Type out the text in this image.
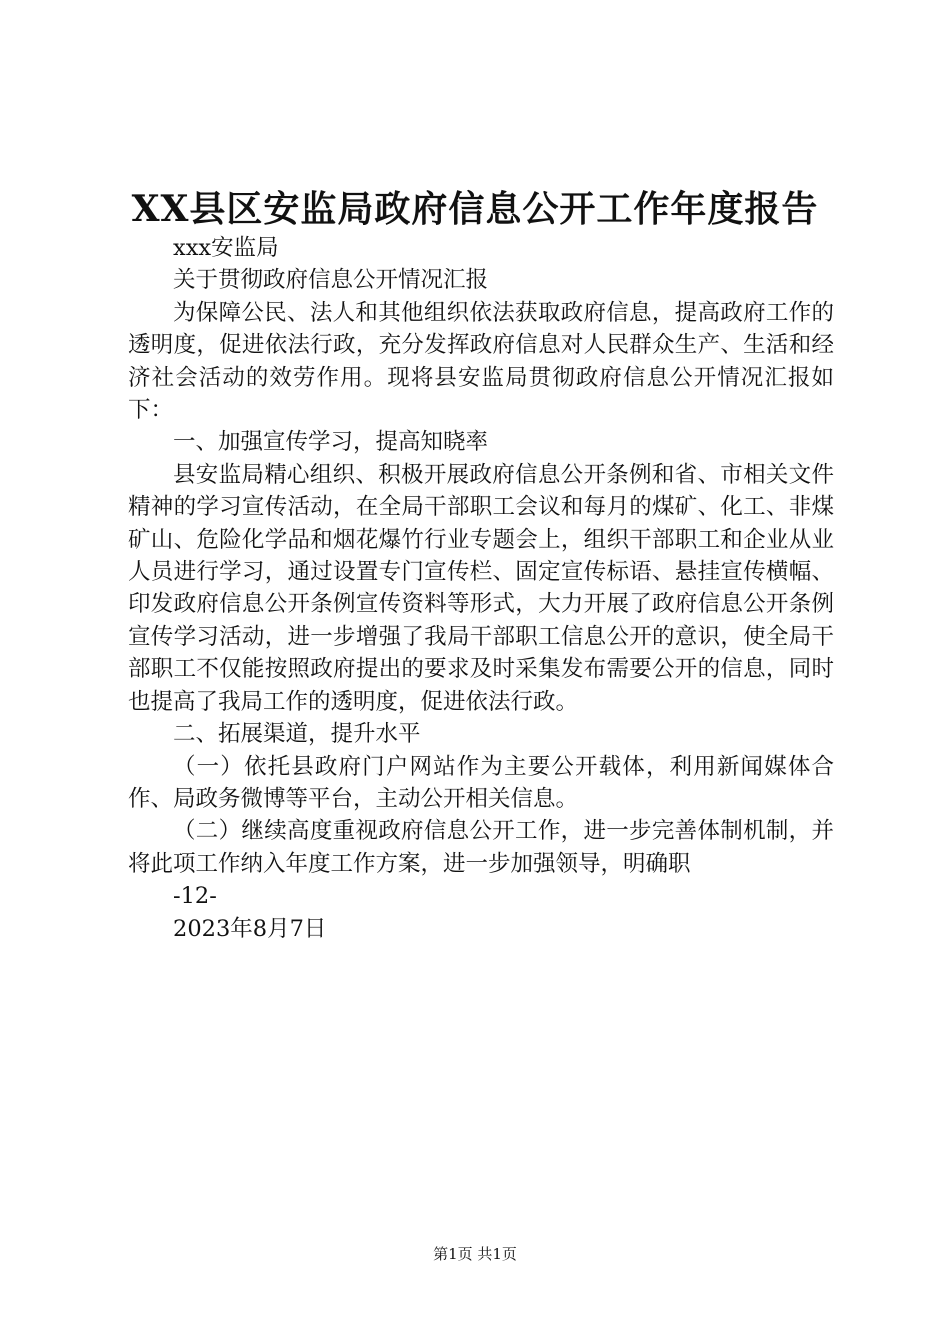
XX县区安监局政府信息公开工作年度报告

xxx安监局

关于贯彻政府信息公开情况汇报

为保障公民、法人和其他组织依法获取政府信息，提高政府工作的透明度，促进依法行政，充分发挥政府信息对人民群众生产、生活和经济社会活动的效劳作用。现将县安监局贯彻政府信息公开情况汇报如下：

一、加强宣传学习，提高知晓率

县安监局精心组织、积极开展政府信息公开条例和省、市相关文件精神的学习宣传活动，在全局干部职工会议和每月的煤矿、化工、非煤矿山、危险化学品和烟花爆竹行业专题会上，组织干部职工和企业从业人员进行学习，通过设置专门宣传栏、固定宣传标语、悬挂宣传横幅、印发政府信息公开条例宣传资料等形式，大力开展了政府信息公开条例宣传学习活动，进一步增强了我局干部职工信息公开的意识，使全局干部职工不仅能按照政府提出的要求及时采集发布需要公开的信息，同时也提高了我局工作的透明度，促进依法行政。

二、拓展渠道，提升水平

（一）依托县政府门户网站作为主要公开载体，利用新闻媒体合作、局政务微博等平台，主动公开相关信息。

（二）继续高度重视政府信息公开工作，进一步完善体制机制，并将此项工作纳入年度工作方案，进一步加强领导，明确职

-12-

2023年8月7日

第1页 共1页
